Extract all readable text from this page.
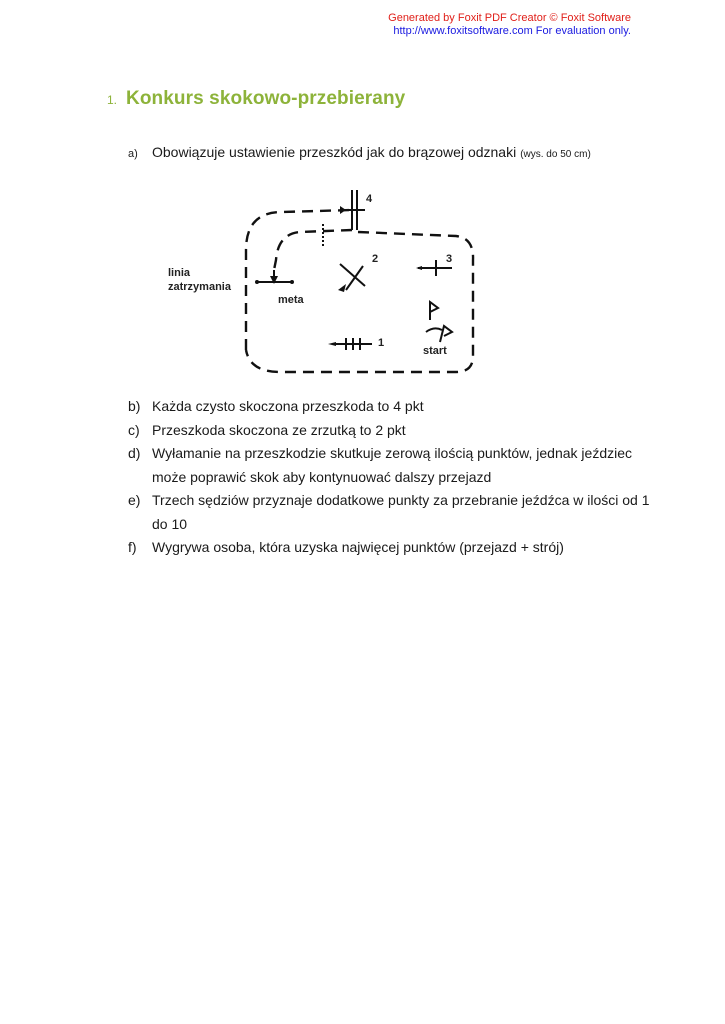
Generated by Foxit PDF Creator © Foxit Software
http://www.foxitsoftware.com For evaluation only.
1. Konkurs skokowo-przebierany
a)	Obowiązuje ustawienie przeszkód jak do brązowej odznaki (wys. do 50 cm)
linia
zatrzymania
meta
start
1
2	3
4
b) Każda czysto skoczona przeszkoda to 4 pkt
c) Przeszkoda skoczona ze zrzutką to 2 pkt
d) Wyłamanie na przeszkodzie skutkuje zerową ilością punktów, jednak jeździec może poprawić skok aby kontynuować dalszy przejazd
e) Trzech sędziów przyznaje dodatkowe punkty za przebranie jeźdźca w ilości od 1 do 10
f)	Wygrywa osoba, która uzyska najwięcej punktów (przejazd + strój)
